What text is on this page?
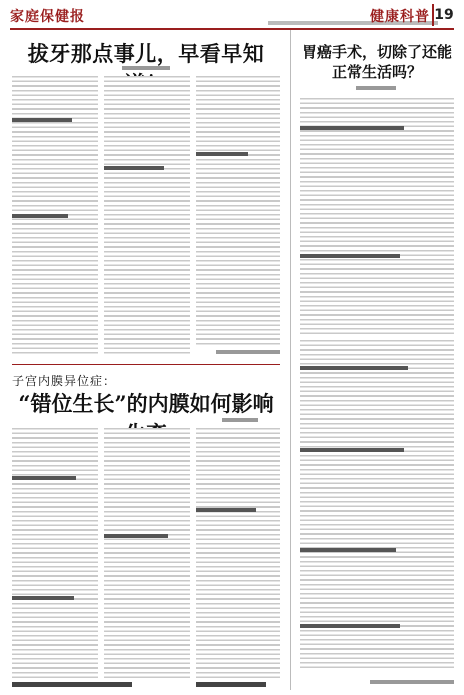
家庭保健报	健康科普 19
拔牙那点事儿，早看早知
子宫内膜异位症：
“错位生长”的内膜如何影响
胃癌手术，切除了还能正常生活吗？
